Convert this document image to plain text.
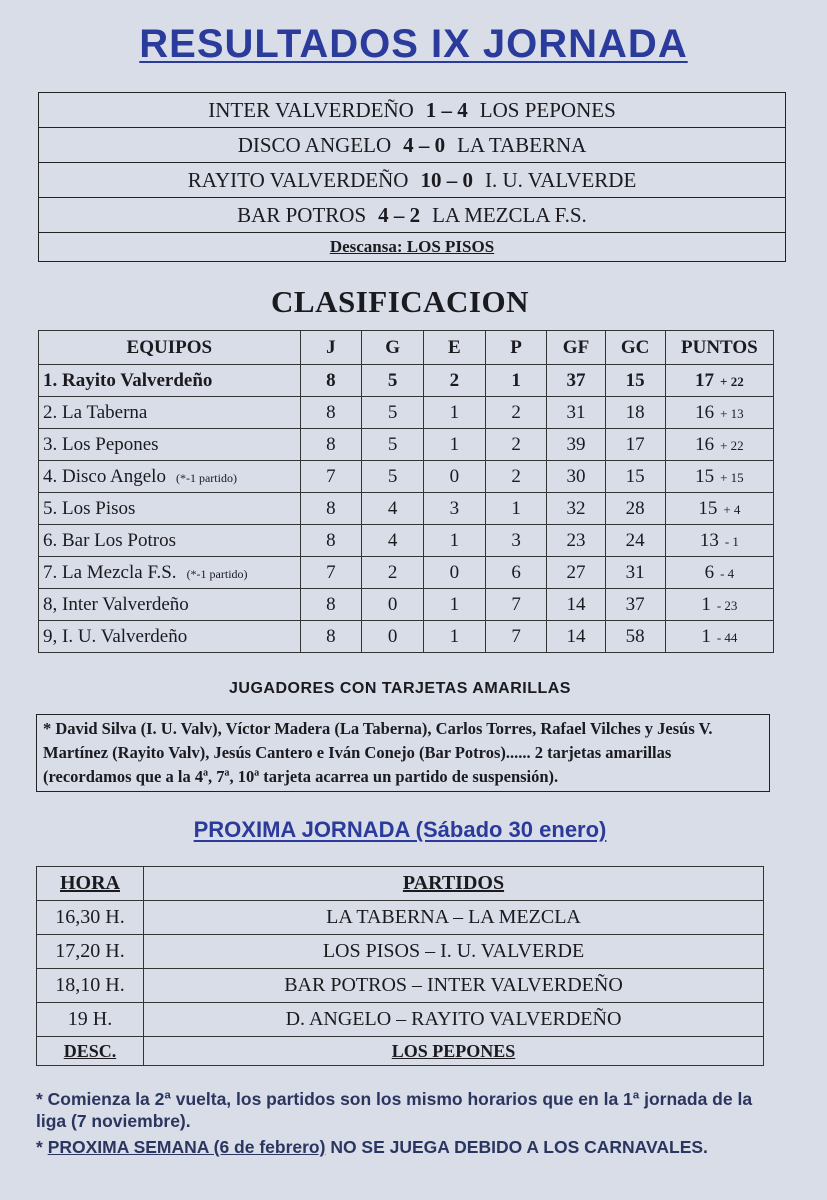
RESULTADOS IX JORNADA
INTER VALVERDEÑO 1 – 4 LOS PEPONES
DISCO ANGELO 4 – 0 LA TABERNA
RAYITO VALVERDEÑO 10 – 0 I. U. VALVERDE
BAR POTROS 4 – 2 LA MEZCLA F.S.
Descansa: LOS PISOS
CLASIFICACION
EQUIPOS	J	G	E	P	GF	GC	PUNTOS
1. Rayito Valverdeño	8	5	2	1	37	15	17 + 22
2. La Taberna	8	5	1	2	31	18	16 + 13
3. Los Pepones	8	5	1	2	39	17	16 + 22
4. Disco Angelo (*-1 partido)	7	5	0	2	30	15	15 + 15
5. Los Pisos	8	4	3	1	32	28	15 + 4
6. Bar Los Potros	8	4	1	3	23	24	13 - 1
7. La Mezcla F.S. (*-1 partido)	7	2	0	6	27	31	6 - 4
8, Inter Valverdeño	8	0	1	7	14	37	1 - 23
9, I. U. Valverdeño	8	0	1	7	14	58	1 - 44
JUGADORES CON TARJETAS AMARILLAS
* David Silva (I. U. Valv), Víctor Madera (La Taberna), Carlos Torres, Rafael Vilches y Jesús V. Martínez (Rayito Valv), Jesús Cantero e Iván Conejo (Bar Potros)...... 2 tarjetas amarillas (recordamos que a la 4ª, 7ª, 10ª tarjeta acarrea un partido de suspensión).
PROXIMA JORNADA (Sábado 30 enero)
HORA	PARTIDOS
16,30 H.	LA TABERNA – LA MEZCLA
17,20 H.	LOS PISOS – I. U. VALVERDE
18,10 H.	BAR POTROS – INTER VALVERDEÑO
19 H.	D. ANGELO – RAYITO VALVERDEÑO
DESC.	LOS PEPONES
* Comienza la 2ª vuelta, los partidos son los mismo horarios que en la 1ª jornada de la liga (7 noviembre).
* PROXIMA SEMANA (6 de febrero) NO SE JUEGA DEBIDO A LOS CARNAVALES.
